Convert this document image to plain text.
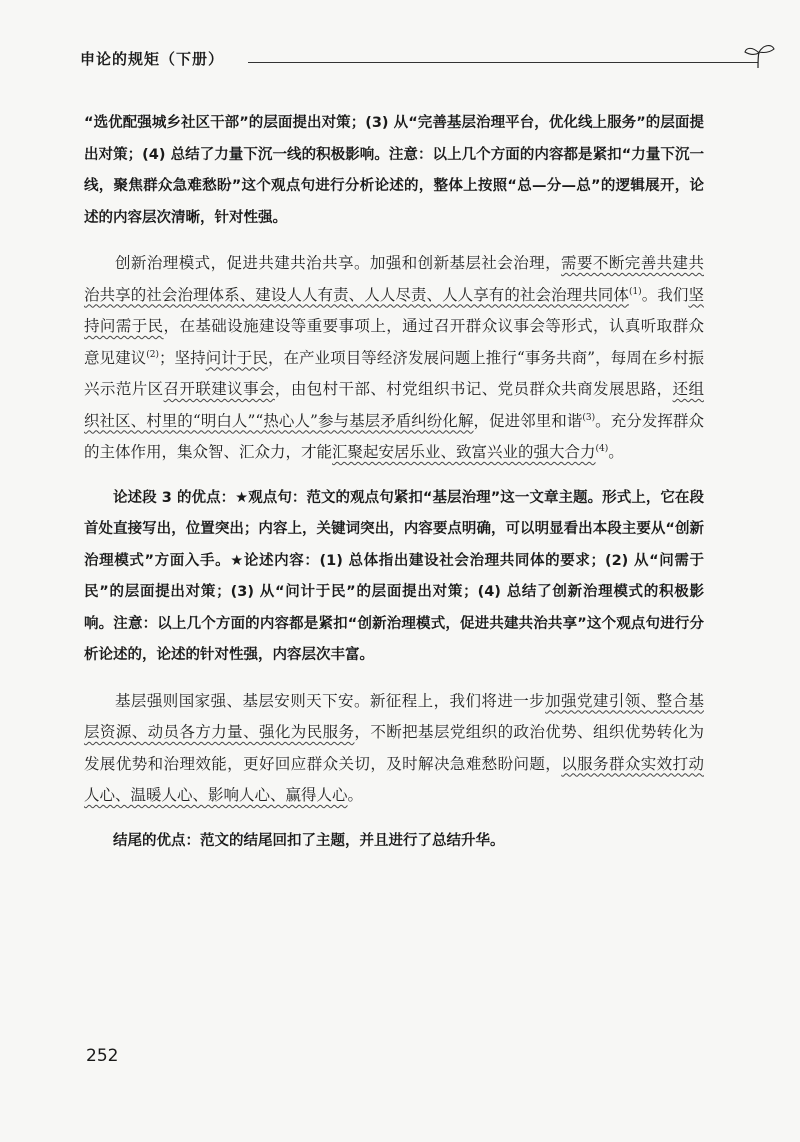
申论的规矩（下册）

“选优配强城乡社区干部”的层面提出对策；(3) 从“完善基层治理平台，优化线上服务”的层面提出对策；(4) 总结了力量下沉一线的积极影响。注意：以上几个方面的内容都是紧扣“力量下沉一线，聚焦群众急难愁盼”这个观点句进行分析论述的，整体上按照“总—分—总”的逻辑展开，论述的内容层次清晰，针对性强。

创新治理模式，促进共建共治共享。加强和创新基层社会治理，需要不断完善共建共治共享的社会治理体系、建设人人有责、人人尽责、人人享有的社会治理共同体$^{(1)}$。我们坚持问需于民，在基础设施建设等重要事项上，通过召开群众议事会等形式，认真听取群众意见建议$^{(2)}$；坚持问计于民，在产业项目等经济发展问题上推行“事务共商”，每周在乡村振兴示范片区召开联建议事会，由包村干部、村党组织书记、党员群众共商发展思路，还组织社区、村里的“明白人”“热心人”参与基层矛盾纠纷化解，促进邻里和谐$^{(3)}$。充分发挥群众的主体作用，集众智、汇众力，才能汇聚起安居乐业、致富兴业的强大合力$^{(4)}$。

论述段 3 的优点：★观点句：范文的观点句紧扣“基层治理”这一文章主题。形式上，它在段首处直接写出，位置突出；内容上，关键词突出，内容要点明确，可以明显看出本段主要从“创新治理模式”方面入手。★论述内容：(1) 总体指出建设社会治理共同体的要求；(2) 从“问需于民”的层面提出对策；(3) 从“问计于民”的层面提出对策；(4) 总结了创新治理模式的积极影响。注意：以上几个方面的内容都是紧扣“创新治理模式，促进共建共治共享”这个观点句进行分析论述的，论述的针对性强，内容层次丰富。

基层强则国家强、基层安则天下安。新征程上，我们将进一步加强党建引领、整合基层资源、动员各方力量、强化为民服务，不断把基层党组织的政治优势、组织优势转化为发展优势和治理效能，更好回应群众关切，及时解决急难愁盼问题，以服务群众实效打动人心、温暖人心、影响人心、赢得人心。

结尾的优点：范文的结尾回扣了主题，并且进行了总结升华。

252
